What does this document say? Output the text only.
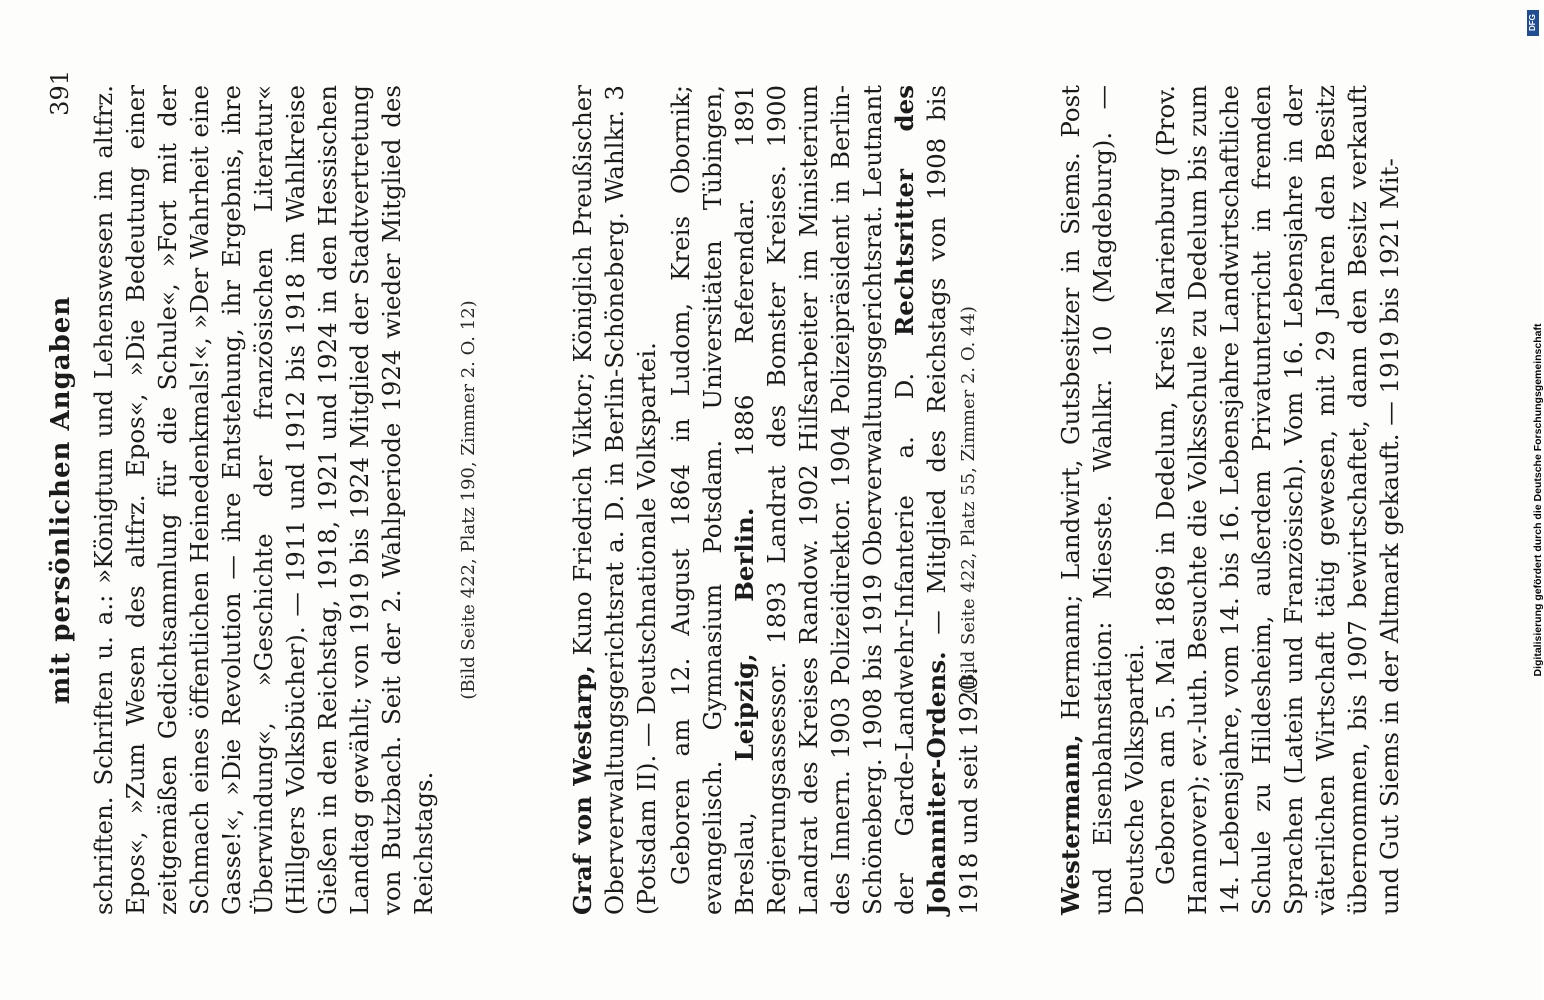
mit persönlichen Angaben
391 schriften. Schriften u. a.: »Königtum und Lehenswesen im altfrz. Epos«, »Zum Wesen des altfrz. Epos«, »Die Bedeutung einer zeitgemäßen Gedichtsammlung für die Schule«, »Fort mit der Schmach eines öffentlichen Heinedenkmals!«, »Der Wahrheit eine Gasse!«, »Die Revolution — ihre Entstehung, ihr Ergebnis, ihre Überwindung«, »Geschichte der französischen Literatur« (Hillgers Volksbücher). — 1911 und 1912 bis 1918 im Wahlkreise Gießen in den Reichstag, 1918, 1921 und 1924 in den Hessischen Landtag gewählt; von 1919 bis 1924 Mitglied der Stadtvertretung von Butzbach. Seit der 2. Wahlperiode 1924 wieder Mitglied des Reichstags.

(Bild Seite 422, Platz 190, Zimmer 2. O. 12)

Graf von Westarp, Kuno Friedrich Viktor; Königlich Preußischer Oberverwaltungsgerichtsrat a. D. in Berlin-Schöneberg. Wahlkr. 3 (Potsdam II). — Deutschnationale Volkspartei. Geboren am 12. August 1864 in Ludom, Kreis Obornik; evangelisch. Gymnasium Potsdam. Universitäten Tübingen, Breslau, Leipzig, Berlin. 1886 Referendar. 1891 Regierungsassessor. 1893 Landrat des Bomster Kreises. 1900 Landrat des Kreises Randow. 1902 Hilfsarbeiter im Ministerium des Innern. 1903 Polizeidirektor. 1904 Polizeipräsident in Berlin-Schöneberg. 1908 bis 1919 Oberverwaltungsgerichtsrat. Leutnant der Garde-Landwehr-Infanterie a. D. Rechtsritter des Johanniter-Ordens. — Mitglied des Reichstags von 1908 bis 1918 und seit 1920.

(Bild Seite 422, Platz 55, Zimmer 2. O. 44)

Westermann, Hermann; Landwirt, Gutsbesitzer in Siems. Post und Eisenbahnstation: Miesste. Wahlkr. 10 (Magdeburg). — Deutsche Volkspartei. Geboren am 5. Mai 1869 in Dedelum, Kreis Marienburg (Prov. Hannover); ev.-luth. Besuchte die Volksschule zu Dedelum bis zum 14. Lebensjahre, vom 14. bis 16. Lebensjahre Landwirtschaftliche Schule zu Hildesheim, außerdem Privatunterricht in fremden Sprachen (Latein und Französisch). Vom 16. Lebensjahre in der väterlichen Wirtschaft tätig gewesen, mit 29 Jahren den Besitz übernommen, bis 1907 bewirtschaftet, dann den Besitz verkauft und Gut Siems in der Altmark gekauft. — 1919 bis 1921 Mit-

DFG
Digitalisierung gefördert durch die Deutsche Forschungsgemeinschaft
